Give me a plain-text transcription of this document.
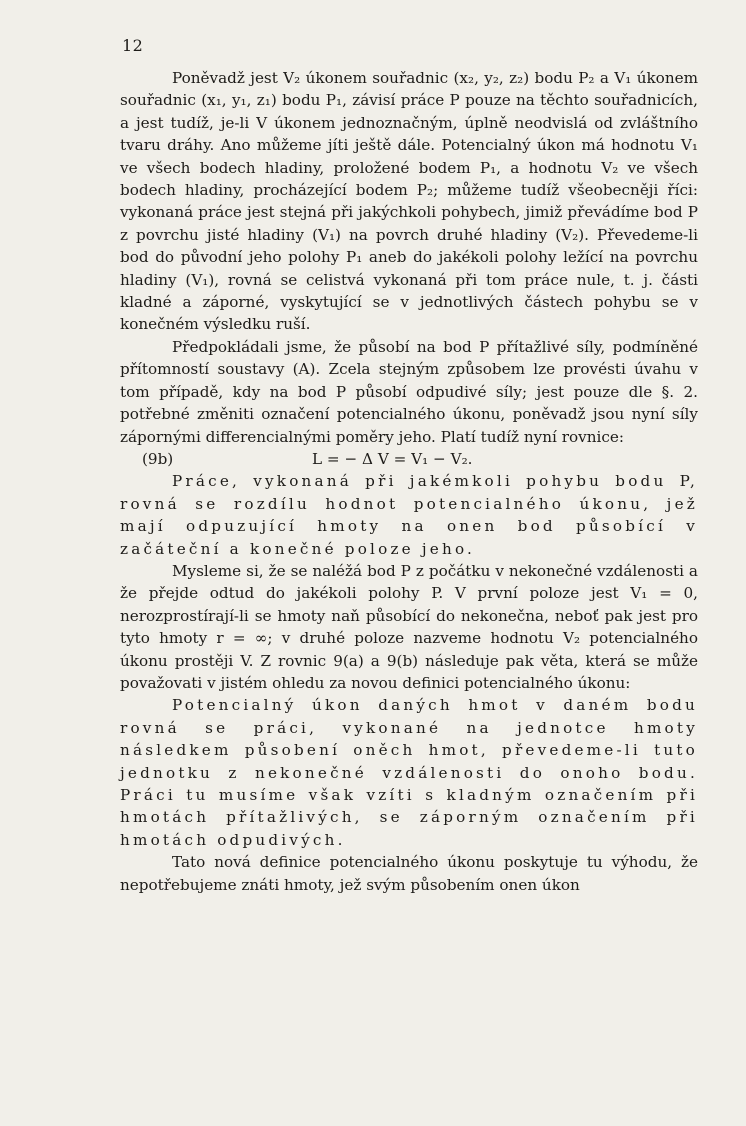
12

Poněvadž jest V₂ úkonem souřadnic (x₂, y₂, z₂) bodu P₂ a V₁ úkonem souřadnic (x₁, y₁, z₁) bodu P₁, závisí práce P pouze na těchto souřadnicích, a jest tudíž, je-li V úkonem jednoznačným, úplně neodvislá od zvláštního tvaru dráhy. Ano můžeme jíti ještě dále. Potencialný úkon má hodnotu V₁ ve všech bodech hladiny, proložené bodem P₁, a hodnotu V₂ ve všech bodech hladiny, procházející bodem P₂; můžeme tudíž všeobecněji říci: vykonaná práce jest stejná při jakýchkoli pohybech, jimiž převádíme bod P z povrchu jisté hladiny (V₁) na povrch druhé hladiny (V₂). Převedeme-li bod do původní jeho polohy P₁ aneb do jakékoli polohy ležící na povrchu hladiny (V₁), rovná se celistvá vykonaná při tom práce nule, t. j. části kladné a záporné, vyskytující se v jednotlivých částech pohybu se v konečném výsledku ruší.

Předpokládali jsme, že působí na bod P přítažlivé síly, podmíněné přítomností soustavy (A). Zcela stejným způsobem lze provésti úvahu v tom případě, kdy na bod P působí odpudivé síly; jest pouze dle §. 2. potřebné změniti označení potencialného úkonu, poněvadž jsou nyní síly zápornými differencialnými poměry jeho. Platí tudíž nyní rovnice:

(9b)	L = − Δ V = V₁ − V₂.

Práce, vykonaná při jakémkoli pohybu bodu P, rovná se rozdílu hodnot potencialného úkonu, jež mají odpuzující hmoty na onen bod působící v začáteční a konečné poloze jeho.

Mysleme si, že se naléžá bod P z počátku v nekonečné vzdálenosti a že přejde odtud do jakékoli polohy P. V první poloze jest V₁ = 0, nerozprostírají-li se hmoty naň působící do nekonečna, neboť pak jest pro tyto hmoty r = ∞; v druhé poloze nazveme hodnotu V₂ potencialného úkonu prostěji V. Z rovnic 9(a) a 9(b) následuje pak věta, která se může považovati v jistém ohledu za novou definici potencialného úkonu:

Potencialný úkon daných hmot v daném bodu rovná se práci, vykonané na jednotce hmoty následkem působení oněch hmot, převedeme-li tuto jednotku z nekonečné vzdálenosti do onoho bodu. Práci tu musíme však vzíti s kladným označením při hmotách přítažlivých, se záporným označením při hmotách odpudivých.

Tato nová definice potencialného úkonu poskytuje tu výhodu, že nepotřebujeme znáti hmoty, jež svým působením onen úkon
